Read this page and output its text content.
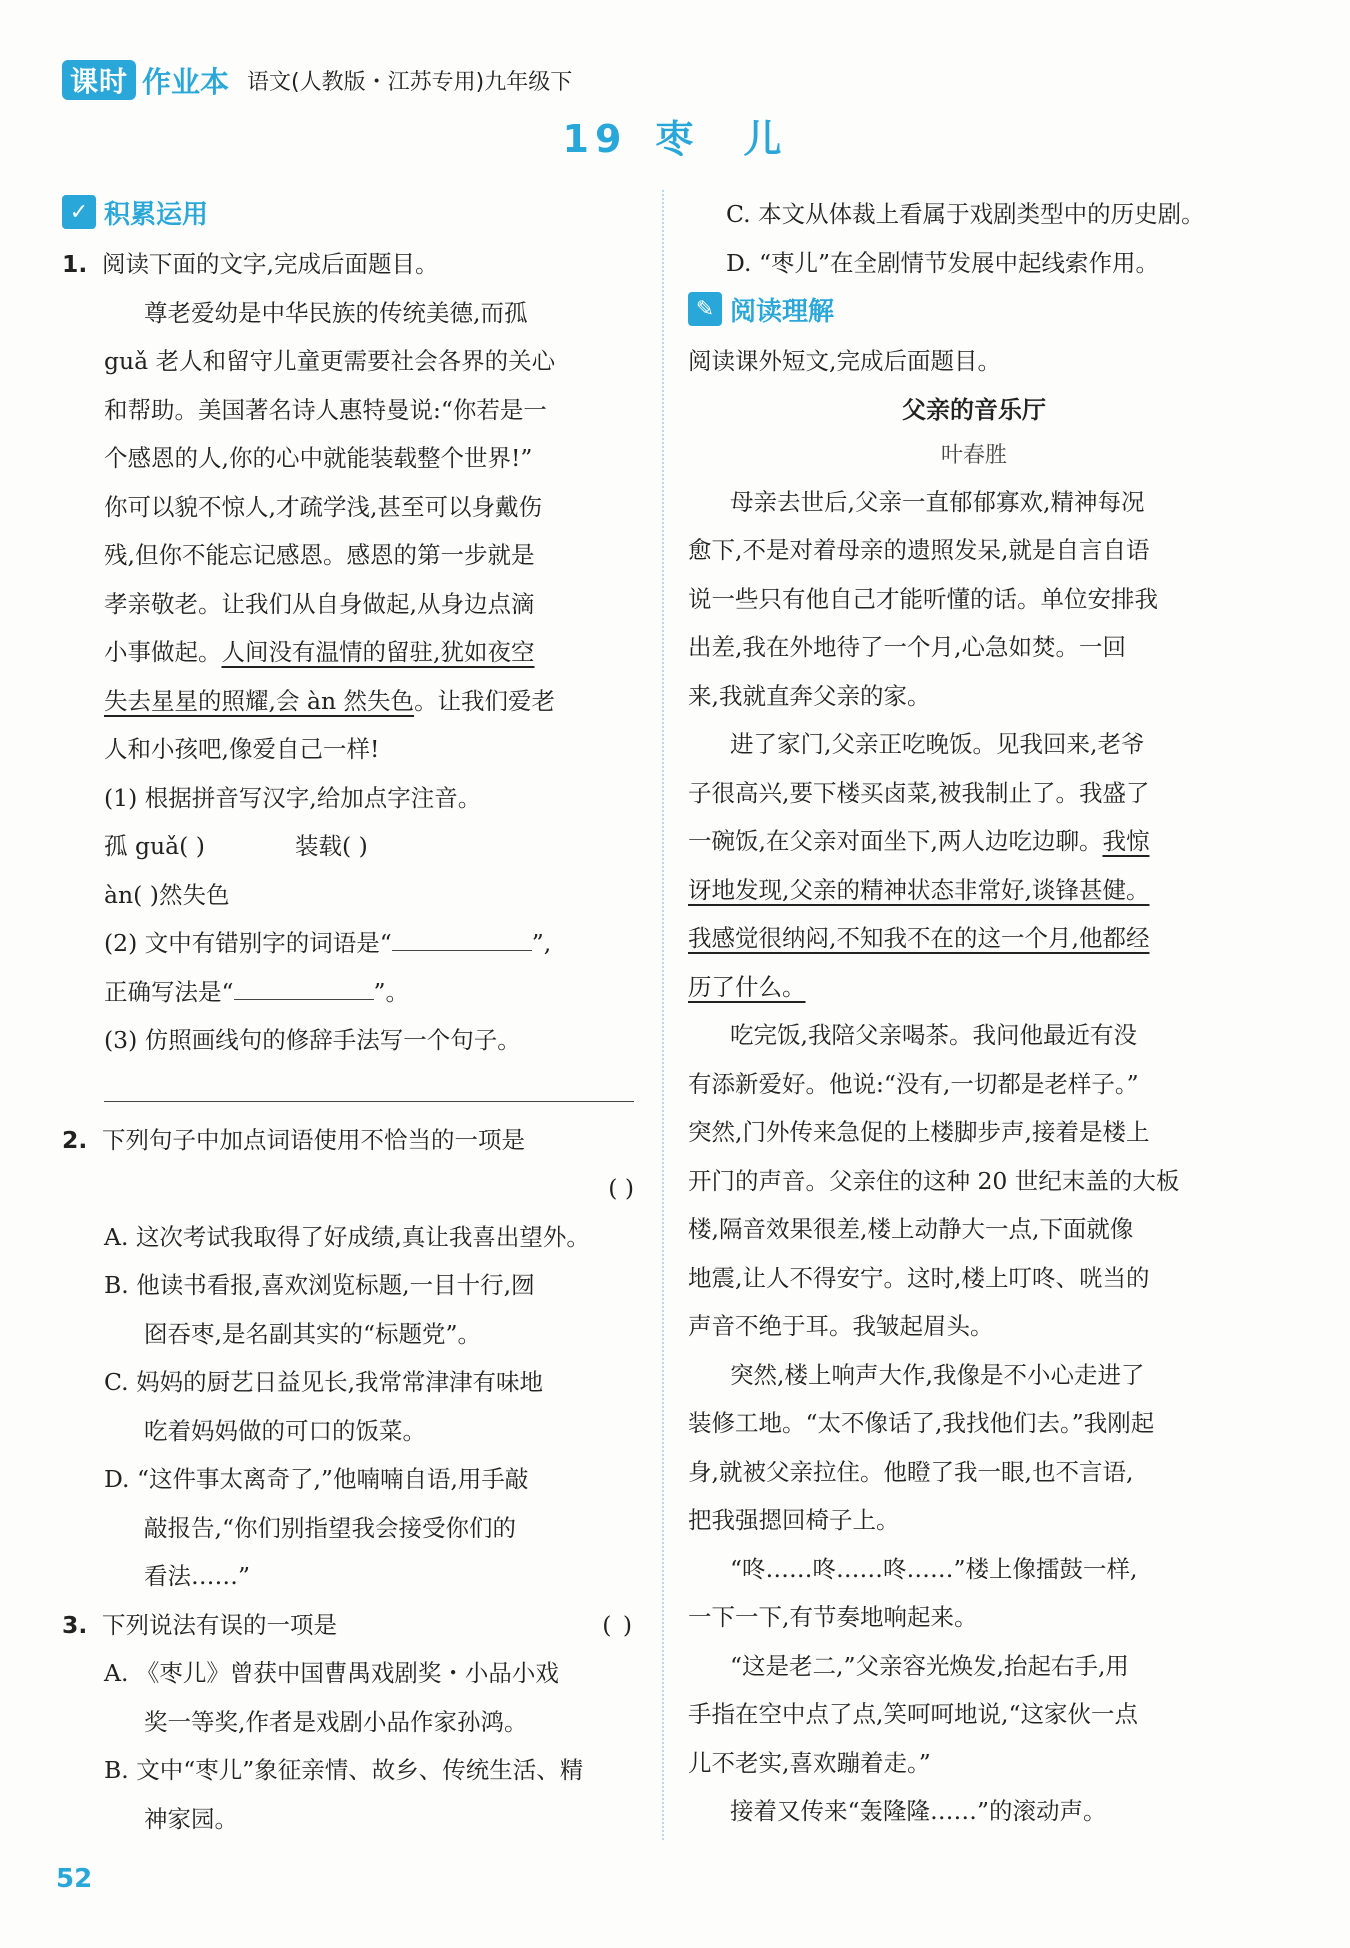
课时 作业本 语文(人教版・江苏专用)九年级下
19 枣 儿
✓ 积累运用
1. 阅读下面的文字,完成后面题目。
尊老爱幼是中华民族的传统美德,而孤
guǎ 老人和留守儿童更需要社会各界的关心
和帮助。美国著名诗人惠特曼说:“你若是一
个感恩的人,你的心中就能装载整个世界!”
你可以貌不惊人,才疏学浅,甚至可以身戴伤
残,但你不能忘记感恩。感恩的第一步就是
孝亲敬老。让我们从自身做起,从身边点滴
小事做起。人间没有温情的留驻,犹如夜空
失去星星的照耀,会 àn 然失色。让我们爱老
人和小孩吧,像爱自己一样!
(1) 根据拼音写汉字,给加点字注音。
孤 guǎ( )	装载( )
àn( )然失色
(2) 文中有错别字的词语是“	”,
正确写法是“	”。
(3) 仿照画线句的修辞手法写一个句子。
2. 下列句子中加点词语使用不恰当的一项是
( )
A. 这次考试我取得了好成绩,真让我喜出望外。
B. 他读书看报,喜欢浏览标题,一目十行,囫
囵吞枣,是名副其实的“标题党”。
C. 妈妈的厨艺日益见长,我常常津津有味地
吃着妈妈做的可口的饭菜。
D. “这件事太离奇了,”他喃喃自语,用手敲
敲报告,“你们别指望我会接受你们的
看法……”
3. 下列说法有误的一项是	( )
A. 《枣儿》曾获中国曹禺戏剧奖・小品小戏
奖一等奖,作者是戏剧小品作家孙鸿。
B. 文中“枣儿”象征亲情、故乡、传统生活、精
神家园。
C. 本文从体裁上看属于戏剧类型中的历史剧。
D. “枣儿”在全剧情节发展中起线索作用。
✎ 阅读理解
阅读课外短文,完成后面题目。
父亲的音乐厅
叶春胜
母亲去世后,父亲一直郁郁寡欢,精神每况
愈下,不是对着母亲的遗照发呆,就是自言自语
说一些只有他自己才能听懂的话。单位安排我
出差,我在外地待了一个月,心急如焚。一回
来,我就直奔父亲的家。
进了家门,父亲正吃晚饭。见我回来,老爷
子很高兴,要下楼买卤菜,被我制止了。我盛了
一碗饭,在父亲对面坐下,两人边吃边聊。我惊
讶地发现,父亲的精神状态非常好,谈锋甚健。
我感觉很纳闷,不知我不在的这一个月,他都经
历了什么。
吃完饭,我陪父亲喝茶。我问他最近有没
有添新爱好。他说:“没有,一切都是老样子。”
突然,门外传来急促的上楼脚步声,接着是楼上
开门的声音。父亲住的这种 20 世纪末盖的大板
楼,隔音效果很差,楼上动静大一点,下面就像
地震,让人不得安宁。这时,楼上叮咚、咣当的
声音不绝于耳。我皱起眉头。
突然,楼上响声大作,我像是不小心走进了
装修工地。“太不像话了,我找他们去。”我刚起
身,就被父亲拉住。他瞪了我一眼,也不言语,
把我强摁回椅子上。
“咚……咚……咚……”楼上像擂鼓一样,
一下一下,有节奏地响起来。
“这是老二,”父亲容光焕发,抬起右手,用
手指在空中点了点,笑呵呵地说,“这家伙一点
儿不老实,喜欢蹦着走。”
接着又传来“轰隆隆……”的滚动声。
52
